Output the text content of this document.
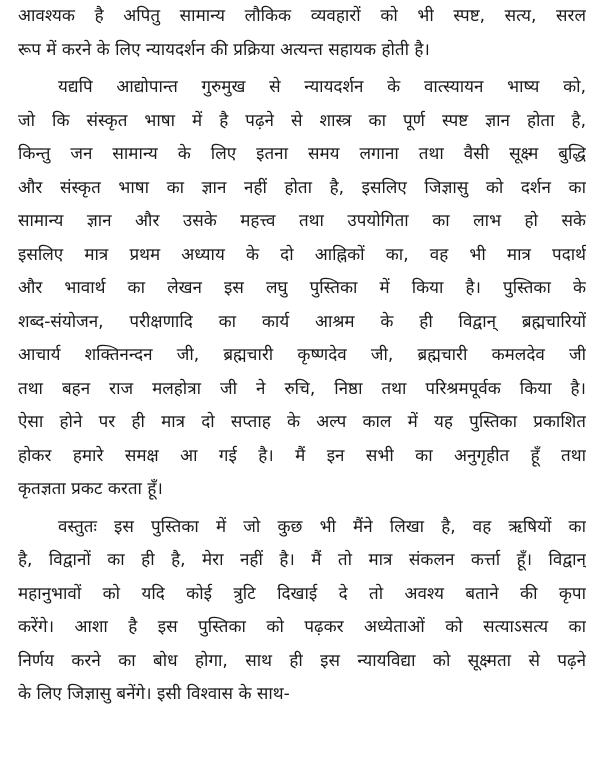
आवश्यक है अपितु सामान्य लौकिक व्यवहारों को भी स्पष्ट, सत्य, सरल
रूप में करने के लिए न्यायदर्शन की प्रक्रिया अत्यन्त सहायक होती है।

यद्यपि आद्योपान्त गुरुमुख से न्यायदर्शन के वात्स्यायन भाष्य को,
जो कि संस्कृत भाषा में है पढ़ने से शास्त्र का पूर्ण स्पष्ट ज्ञान होता है,
किन्तु जन सामान्य के लिए इतना समय लगाना तथा वैसी सूक्ष्म बुद्धि
और संस्कृत भाषा का ज्ञान नहीं होता है, इसलिए जिज्ञासु को दर्शन का
सामान्य ज्ञान और उसके महत्त्व तथा उपयोगिता का लाभ हो सके
इसलिए मात्र प्रथम अध्याय के दो आह्निकों का, वह भी मात्र पदार्थ
और भावार्थ का लेखन इस लघु पुस्तिका में किया है। पुस्तिका के
शब्द-संयोजन, परीक्षणादि का कार्य आश्रम के ही विद्वान् ब्रह्मचारियों
आचार्य शक्तिनन्दन जी, ब्रह्मचारी कृष्णदेव जी, ब्रह्मचारी कमलदेव जी
तथा बहन राज मलहोत्रा जी ने रुचि, निष्ठा तथा परिश्रमपूर्वक किया है।
ऐसा होने पर ही मात्र दो सप्ताह के अल्प काल में यह पुस्तिका प्रकाशित
होकर हमारे समक्ष आ गई है। मैं इन सभी का अनुगृहीत हूँ तथा
कृतज्ञता प्रकट करता हूँ।

वस्तुतः इस पुस्तिका में जो कुछ भी मैंने लिखा है, वह ऋषियों का
है, विद्वानों का ही है, मेरा नहीं है। मैं तो मात्र संकलन कर्त्ता हूँ। विद्वान्
महानुभावों को यदि कोई त्रुटि दिखाई दे तो अवश्य बताने की कृपा
करेंगे। आशा है इस पुस्तिका को पढ़कर अध्येताओं को सत्याऽसत्य का
निर्णय करने का बोध होगा, साथ ही इस न्यायविद्या को सूक्ष्मता से पढ़ने
के लिए जिज्ञासु बनेंगे। इसी विश्वास के साथ-
